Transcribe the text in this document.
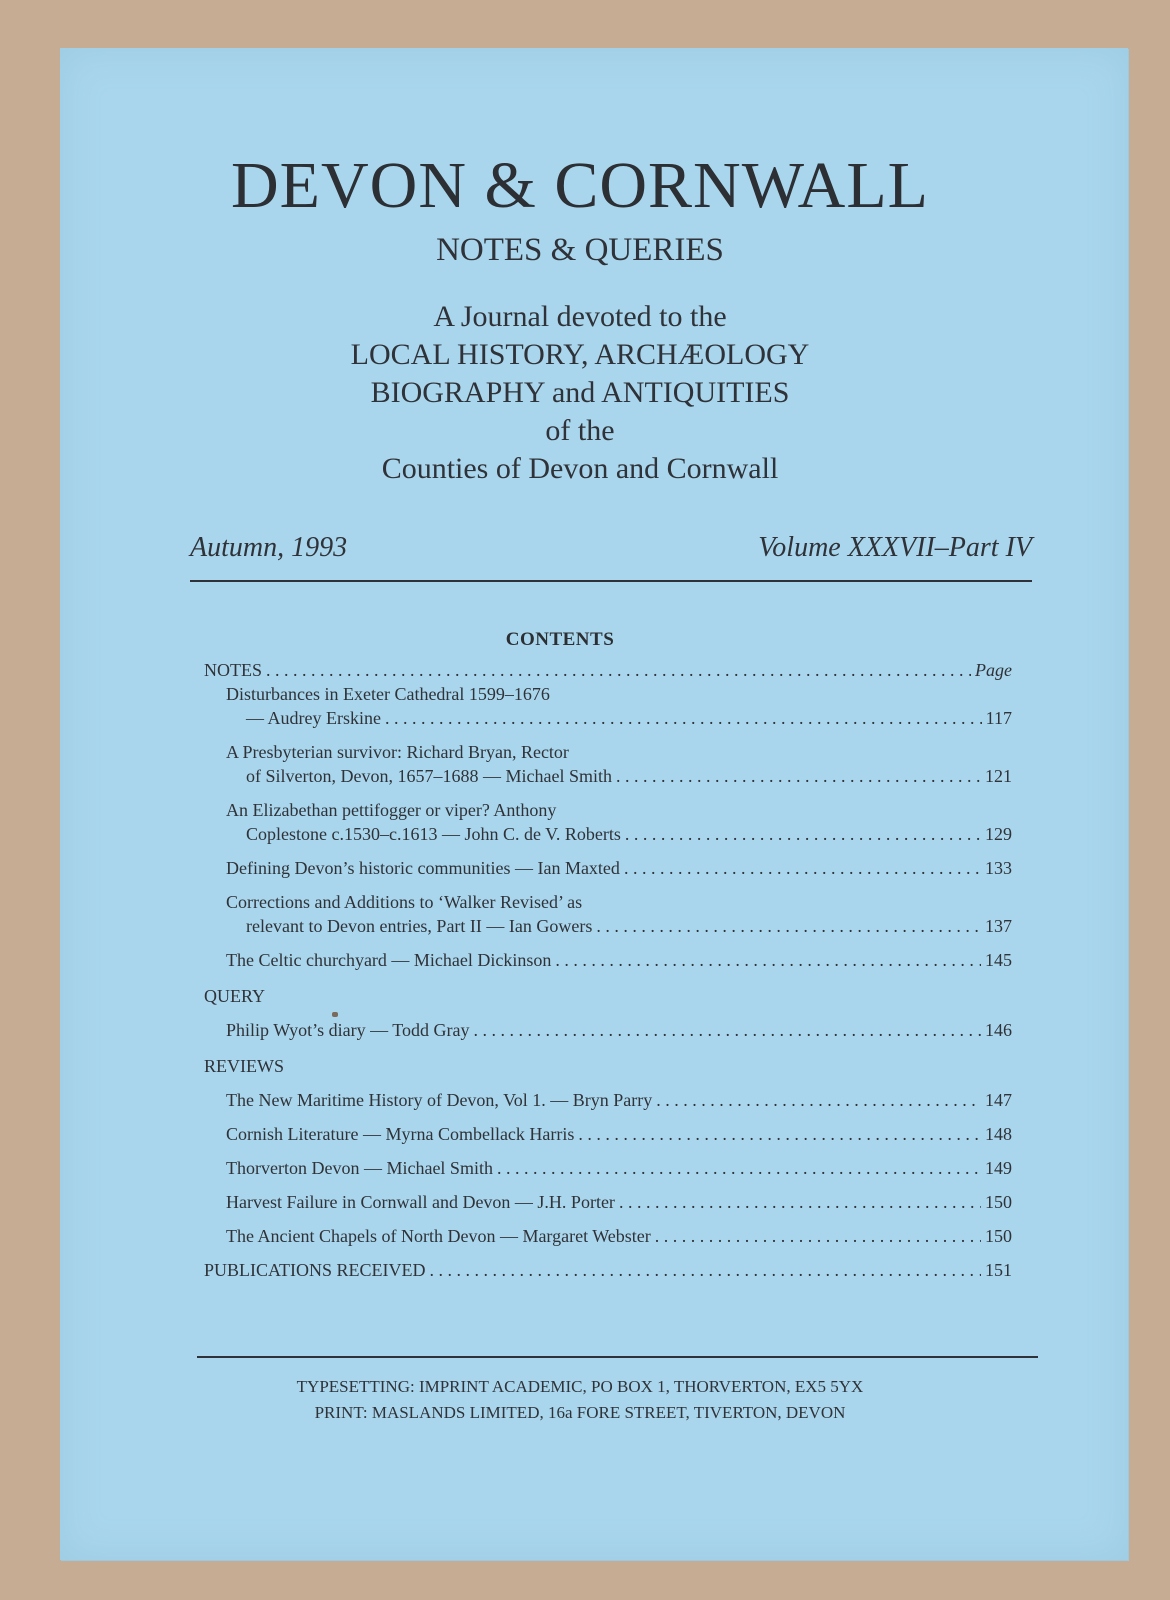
DEVON & CORNWALL
NOTES & QUERIES
A Journal devoted to the
LOCAL HISTORY, ARCHÆOLOGY
BIOGRAPHY and ANTIQUITIES
of the
Counties of Devon and Cornwall
Autumn, 1993	Volume XXXVII–Part IV
CONTENTS
NOTES . . .	Page
Disturbances in Exeter Cathedral 1599–1676
— Audrey Erskine . . .	117
A Presbyterian survivor: Richard Bryan, Rector
of Silverton, Devon, 1657–1688 — Michael Smith . . .	121
An Elizabethan pettifogger or viper? Anthony
Coplestone c.1530–c.1613 — John C. de V. Roberts . . .	129
Defining Devon’s historic communities — Ian Maxted . . .	133
Corrections and Additions to ‘Walker Revised’ as
relevant to Devon entries, Part II — Ian Gowers . . .	137
The Celtic churchyard — Michael Dickinson . . .	145
QUERY
Philip Wyot’s diary — Todd Gray . . .	146
REVIEWS
The New Maritime History of Devon, Vol 1. — Bryn Parry . . .	147
Cornish Literature — Myrna Combellack Harris . . .	148
Thorverton Devon — Michael Smith . . .	149
Harvest Failure in Cornwall and Devon — J.H. Porter . . .	150
The Ancient Chapels of North Devon — Margaret Webster . . .	150
PUBLICATIONS RECEIVED . . .	151
TYPESETTING: IMPRINT ACADEMIC, PO BOX 1, THORVERTON, EX5 5YX
PRINT: MASLANDS LIMITED, 16a FORE STREET, TIVERTON, DEVON
